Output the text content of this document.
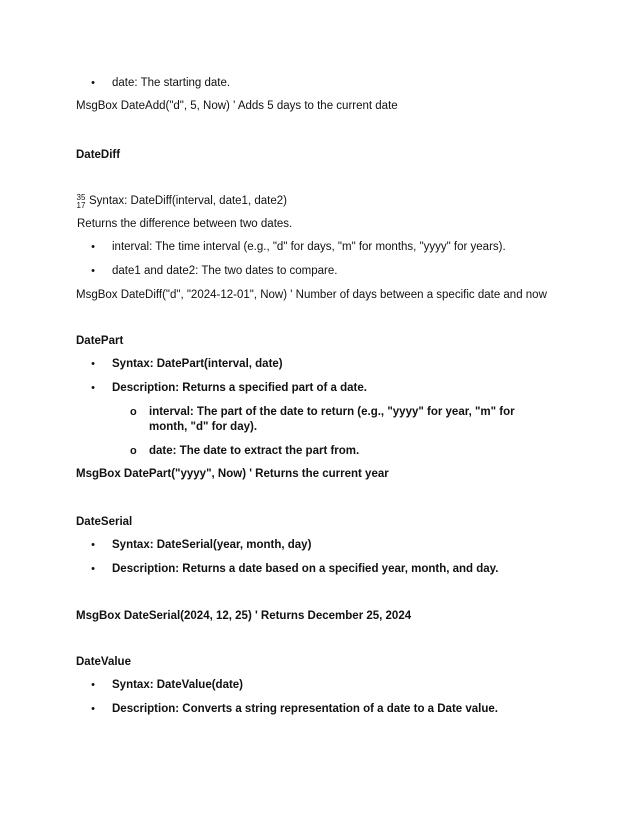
• date: The starting date.
MsgBox DateAdd("d", 5, Now) ' Adds 5 days to the current date
DateDiff
35 17 Syntax: DateDiff(interval, date1, date2)
Returns the difference between two dates.
• interval: The time interval (e.g., "d" for days, "m" for months, "yyyy" for years).
• date1 and date2: The two dates to compare.
MsgBox DateDiff("d", "2024-12-01", Now) ' Number of days between a specific date and now
DatePart
• Syntax: DatePart(interval, date)
• Description: Returns a specified part of a date.
o interval: The part of the date to return (e.g., "yyyy" for year, "m" for month, "d" for day).
o date: The date to extract the part from.
MsgBox DatePart("yyyy", Now) ' Returns the current year
DateSerial
• Syntax: DateSerial(year, month, day)
• Description: Returns a date based on a specified year, month, and day.
MsgBox DateSerial(2024, 12, 25) ' Returns December 25, 2024
DateValue
• Syntax: DateValue(date)
• Description: Converts a string representation of a date to a Date value.
